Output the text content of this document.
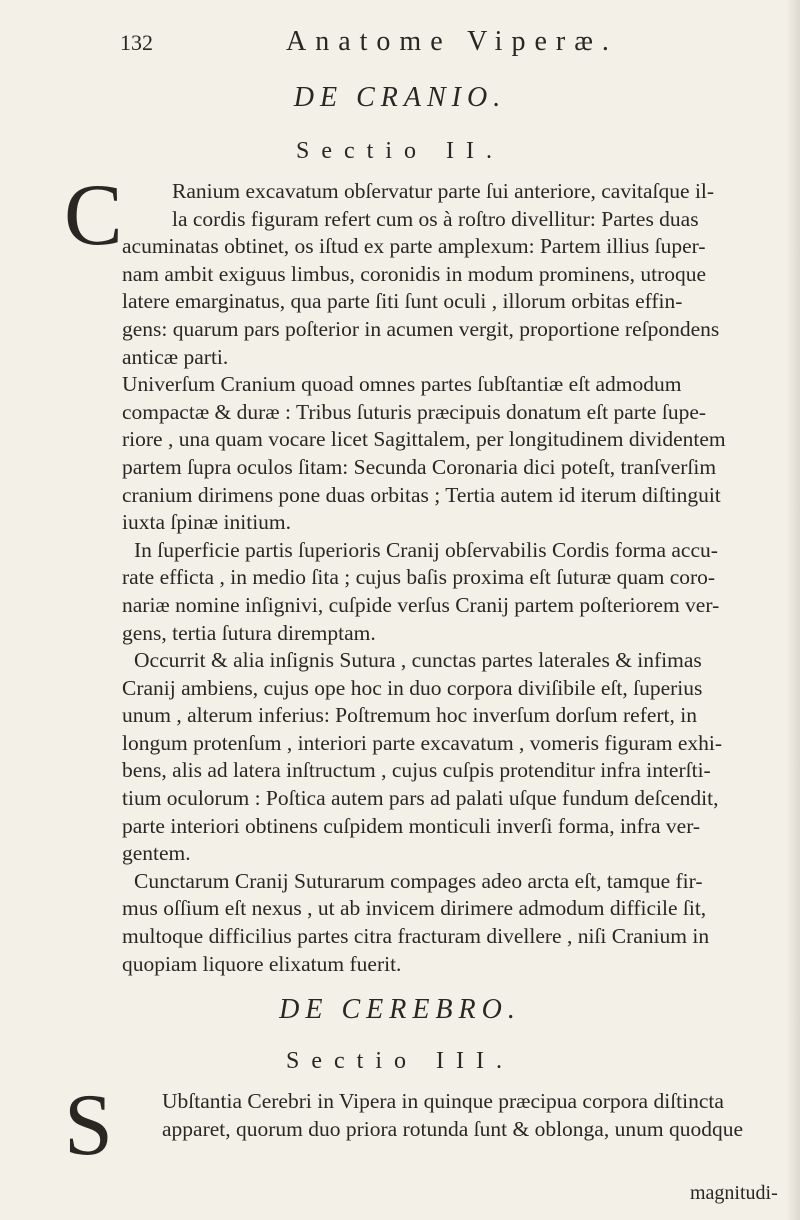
132	Anatome Viperæ.
DE CRANIO.
Sectio II.
C	Ranium excavatum obſervatur parte ſui anteriore, cavitaſque il-
la cordis figuram refert cum os à roſtro divellitur: Partes duas
acuminatas obtinet, os iſtud ex parte amplexum: Partem illius ſuper-
nam ambit exiguus limbus, coronidis in modum prominens, utroque
latere emarginatus, qua parte ſiti ſunt oculi , illorum orbitas effin-
gens: quarum pars poſterior in acumen vergit, proportione reſpondens
anticæ parti.
Univerſum Cranium quoad omnes partes ſubſtantiæ eſt admodum
compactæ & duræ : Tribus ſuturis præcipuis donatum eſt parte ſupe-
riore , una quam vocare licet Sagittalem, per longitudinem dividentem
partem ſupra oculos ſitam: Secunda Coronaria dici poteſt, tranſverſim
cranium dirimens pone duas orbitas ; Tertia autem id iterum diſtinguit
iuxta ſpinæ initium.
In ſuperficie partis ſuperioris Cranij obſervabilis Cordis forma accu-
rate efficta , in medio ſita ; cujus baſis proxima eſt ſuturæ quam coro-
nariæ nomine inſignivi, cuſpide verſus Cranij partem poſteriorem ver-
gens, tertia ſutura diremptam.
Occurrit & alia inſignis Sutura , cunctas partes laterales & infimas
Cranij ambiens, cujus ope hoc in duo corpora diviſibile eſt, ſuperius
unum , alterum inferius: Poſtremum hoc inverſum dorſum refert, in
longum protenſum , interiori parte excavatum , vomeris figuram exhi-
bens, alis ad latera inſtructum , cujus cuſpis protenditur infra interſti-
tium oculorum : Poſtica autem pars ad palati uſque fundum deſcendit,
parte interiori obtinens cuſpidem monticuli inverſi forma, infra ver-
gentem.
Cunctarum Cranij Suturarum compages adeo arcta eſt, tamque fir-
mus oſſium eſt nexus , ut ab invicem dirimere admodum difficile ſit,
multoque difficilius partes citra fracturam divellere , niſi Cranium in
quopiam liquore elixatum fuerit.
DE CEREBRO.
Sectio III.
S	Ubſtantia Cerebri in Vipera in quinque præcipua corpora diſtincta
apparet, quorum duo priora rotunda ſunt & oblonga, unum quodque
magnitudi-
